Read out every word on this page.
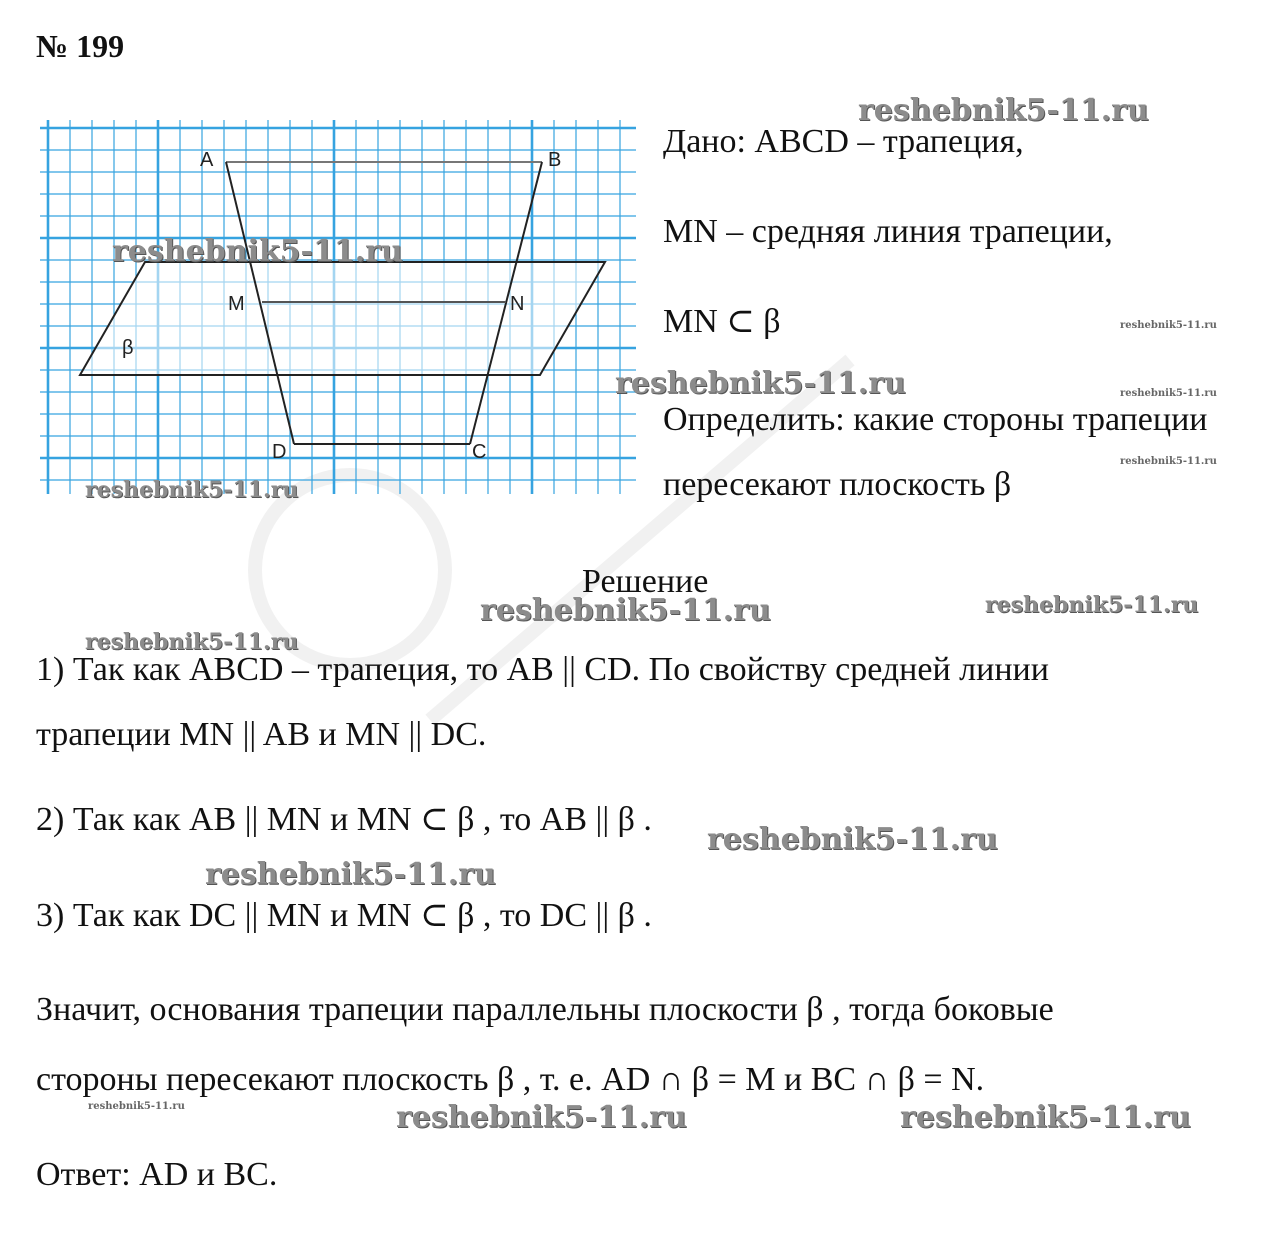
№ 199
A	B
M	N
D	C
β
Дано: ABCD – трапеция,
MN – средняя линия трапеции,
MN ⊂ β
Определить: какие стороны трапеции
пересекают плоскость β
Решение
1) Так как ABCD – трапеция, то AB || CD. По свойству средней линии
трапеции MN || AB и MN || DC.
2) Так как AB || MN и MN ⊂ β , то AB || β .
3) Так как DC || MN и MN ⊂ β , то DC || β .
Значит, основания трапеции параллельны плоскости β , тогда боковые
стороны пересекают плоскость β , т. е. AD ∩ β = M и BC ∩ β = N.
Ответ: AD и BC.
reshebnik5-11.ru
reshebnik5-11.ru
reshebnik5-11.ru
reshebnik5-11.ru
reshebnik5-11.ru	reshebnik5-11.ru
reshebnik5-11.ru
reshebnik5-11.ru
reshebnik5-11.ru
reshebnik5-11.ru	reshebnik5-11.ru
reshebnik5-11.ru
reshebnik5-11.ru
reshebnik5-11.ru
reshebnik5-11.ru
